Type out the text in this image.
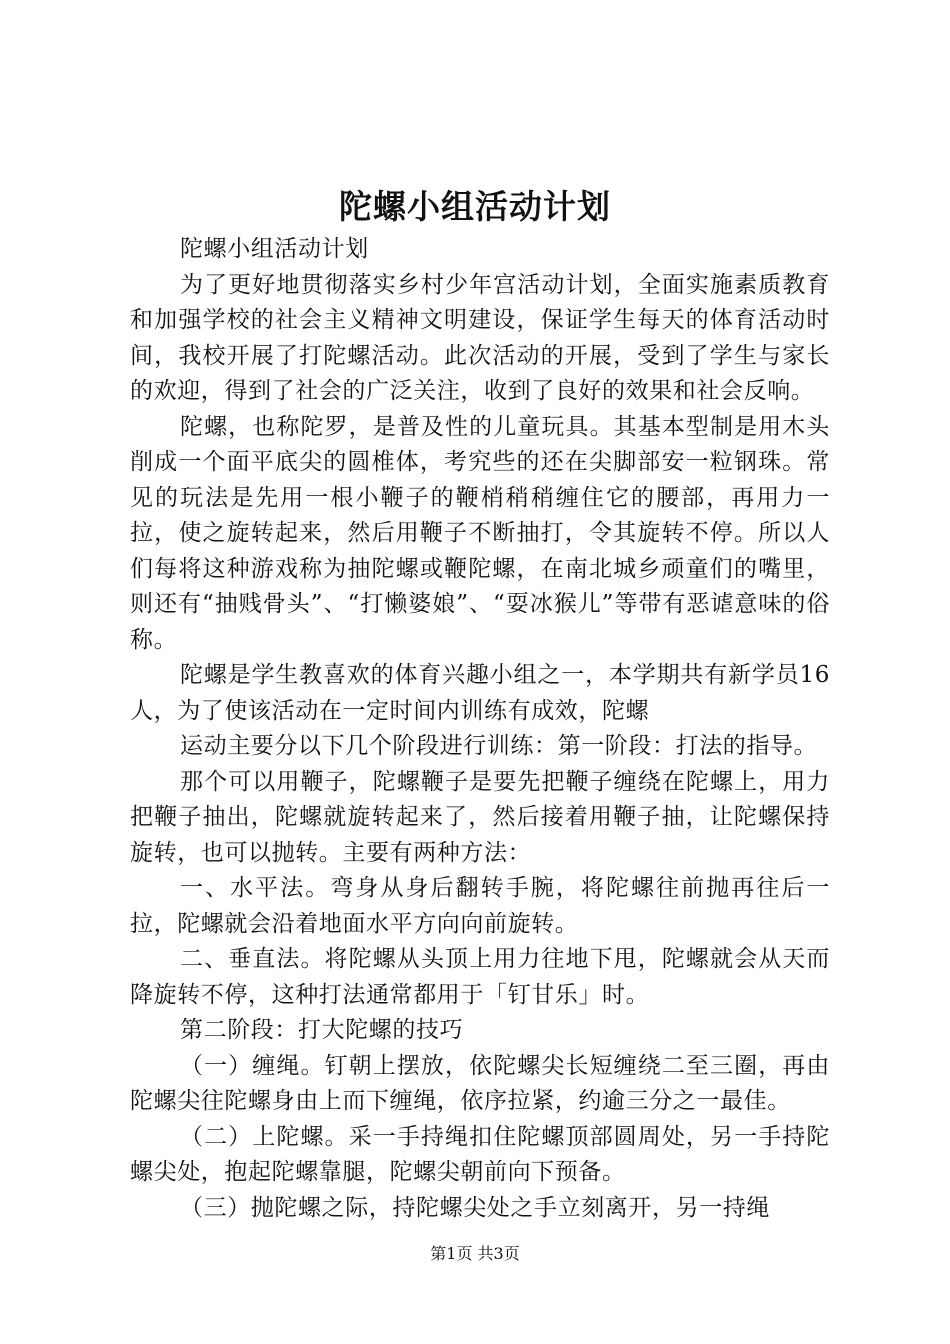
陀螺小组活动计划

陀螺小组活动计划

为了更好地贯彻落实乡村少年宫活动计划，全面实施素质教育和加强学校的社会主义精神文明建设，保证学生每天的体育活动时间，我校开展了打陀螺活动。此次活动的开展，受到了学生与家长的欢迎，得到了社会的广泛关注，收到了良好的效果和社会反响。

陀螺，也称陀罗，是普及性的儿童玩具。其基本型制是用木头削成一个面平底尖的圆椎体，考究些的还在尖脚部安一粒钢珠。常见的玩法是先用一根小鞭子的鞭梢稍稍缠住它的腰部，再用力一拉，使之旋转起来，然后用鞭子不断抽打，令其旋转不停。所以人们每将这种游戏称为抽陀螺或鞭陀螺，在南北城乡顽童们的嘴里，则还有“抽贱骨头”、“打懒婆娘”、“耍冰猴儿”等带有恶谑意味的俗称。

陀螺是学生教喜欢的体育兴趣小组之一，本学期共有新学员16人，为了使该活动在一定时间内训练有成效，陀螺

运动主要分以下几个阶段进行训练：第一阶段：打法的指导。

那个可以用鞭子，陀螺鞭子是要先把鞭子缠绕在陀螺上，用力把鞭子抽出，陀螺就旋转起来了，然后接着用鞭子抽，让陀螺保持旋转，也可以抛转。主要有两种方法：

一、水平法。弯身从身后翻转手腕，将陀螺往前抛再往后一拉，陀螺就会沿着地面水平方向向前旋转。

二、垂直法。将陀螺从头顶上用力往地下甩，陀螺就会从天而降旋转不停，这种打法通常都用于「钉甘乐」时。

第二阶段：打大陀螺的技巧

（一）缠绳。钉朝上摆放，依陀螺尖长短缠绕二至三圈，再由陀螺尖往陀螺身由上而下缠绳，依序拉紧，约逾三分之一最佳。

（二）上陀螺。采一手持绳扣住陀螺顶部圆周处，另一手持陀螺尖处，抱起陀螺靠腿，陀螺尖朝前向下预备。

（三）抛陀螺之际，持陀螺尖处之手立刻离开，另一持绳

第1页 共3页
